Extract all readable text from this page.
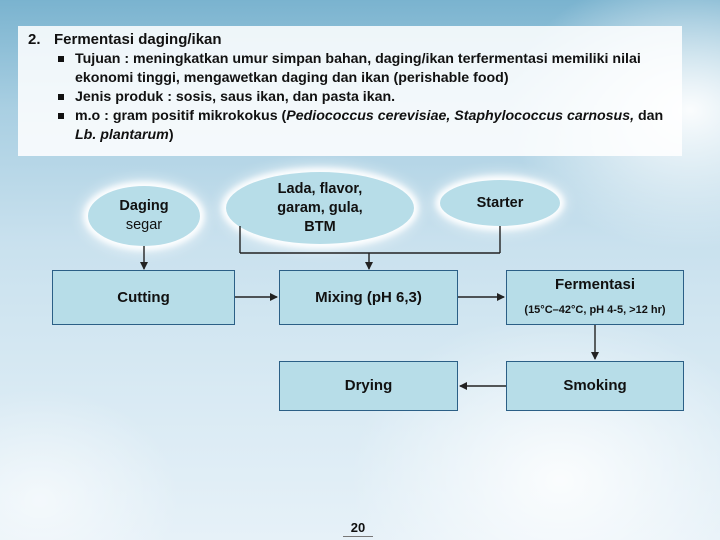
2. Fermentasi daging/ikan
Tujuan : meningkatkan umur simpan bahan, daging/ikan terfermentasi memiliki nilai ekonomi tinggi, mengawetkan daging dan ikan (perishable food)
Jenis produk : sosis, saus ikan, dan pasta ikan.
m.o : gram positif mikrokokus (Pediococcus cerevisiae, Staphylococcus carnosus, dan Lb. plantarum)
Daging
segar
Lada, flavor,
garam, gula,
BTM
Starter
Cutting	Mixing (pH 6,3)
Fermentasi
(15°C–42°C, pH 4-5, >12 hr)
Drying	Smoking
20
